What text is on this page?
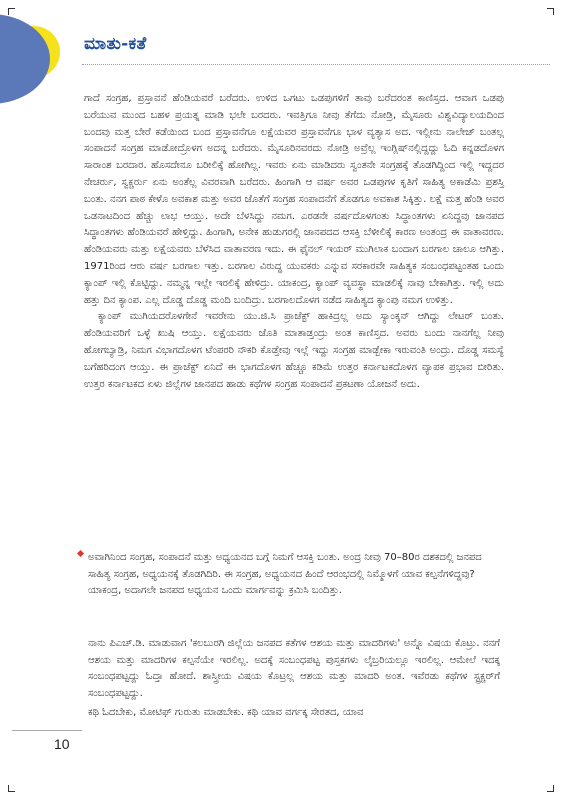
ಮಾತು-ಕತೆ

ಗಾದೆ ಸಂಗ್ರಹ, ಪ್ರಸ್ತಾವನೆ ಹೆಂಡಿಯವರೆ ಬರೆದರು. ಉಳಿದ ಒಗಟು ಒಡಪುಗಳಿಗೆ ತಾವು ಬರೆದರಂತ ಕಾಣಿಸ್ತದ. ಆವಾಗ ಒಡಪು ಬರೆಯುವ ಮುಂದ ಬಹಳ ಪ್ರಯತ್ನ ಮಾಡಿ ಭಲೇ ಬರದರು. ಇವತ್ತಿಗೂ ನೀವು ತೆಗೆದು ನೋಡ್ರಿ, ಮೈಸೂರು ವಿಶ್ವವಿದ್ಯಾಲಯದಿಂದ ಬಂದವು ಮತ್ತ ಬೇರೆ ಕಡೆಯಿಂದ ಬಂದ ಪ್ರಸ್ತಾವನೆಗೂ ಲಕ್ಷೆಯವರ ಪ್ರಸ್ತಾವನೆಗೂ ಭಾಳ ವ್ಯತ್ಯಾಸ ಅದ. ಇಲ್ಲೀನು ನಾಲೇಜ್ ಬಂತಲ್ಲ ಸಂಪಾದನೆ ಸಂಗ್ರಹ ಮಾಡೋದ್ರೊಳಗ ಅದನ್ನ ಬರೆದರು. ಮೈಸೂರಿನವರದು ನೋಡ್ರಿ ಅವ್ರೆಲ್ಲ ಇಂಗ್ಲಿಷ್‌ನಲ್ಲಿದ್ದದ್ದು ಓದಿ ಕನ್ನಡದೊಳಗ ಸಾರಾಂಶ ಬರದಾರ. ಹೊಸದೇನೂ ಬರೀಲಿಕ್ಕೆ ಹೋಗಿಲ್ಲ. ಇವರು ಏನು ಮಾಡಿದರು ಸ್ವಂತನೇ ಸಂಗ್ರಹಕ್ಕೆ ತೊಡಗಿದ್ದಿಂದ ಇಲ್ಲಿ ಇದ್ದದರ ನೇಚರ್ರು, ಸ್ವಕ್ಚರ್ರು ಏನು ಅಂತೆಲ್ಲ ವಿವರವಾಗಿ ಬರೆದರು. ಹಿಂಗಾಗಿ ಆ ವರ್ಷ ಅವರ ಒಡಪುಗಳ ಕೃತಿಗೆ ಸಾಹಿತ್ಯ ಅಕಾಡೆಮಿ ಪ್ರಶಸ್ತಿ ಬಂತು. ನನಗ ಪಾಠ ಕೇಳೊ ಅವಕಾಶ ಮತ್ತು ಅವರ ಜೊತೆಗೆ ಸಂಗ್ರಹ ಸಂಪಾದನೆಗೆ ತೊಡಗೂ ಅವಕಾಶ ಸಿಕ್ಕಿತ್ತು. ಲಕ್ಷೆ ಮತ್ತ ಹೆಂಡಿ ಅವರ ಒಡನಾಟದಿಂದ ಹೆಚ್ಚು ಲಾಭ ಆಯ್ತು. ಅದೇ ಬೆಳಸಿದ್ದು ನಮಗ. ಎರಡನೇ ವರ್ಷದೊಳಗಂತು ಸಿದ್ಧಾಂತಗಳು ಏನಿದ್ದವು ಜಾನಪದ ಸಿದ್ಧಾಂತಗಳು ಹೆಂಡಿಯವರೆ ಹೇಳ್ತಿದ್ದು. ಹಿಂಗಾಗಿ, ಅನೇಕ ಹುಡುಗರಲ್ಲಿ ಜಾನಪದದ ಆಸಕ್ತಿ ಬೆಳೀಲಿಕ್ಕೆ ಕಾರಣ ಅಂತಂದ್ರ ಈ ವಾತಾವರಣ. ಹೆಂಡಿಯವರು ಮತ್ತು ಲಕ್ಷೆಯವರು ಬೆಳೆಸಿದ ವಾತಾವರಣ ಇದು. ಈ ಫೈನಲ್ ಇಯರ್ ಮುಗಿಲಾಕ ಬಂದಾಗ ಬರಗಾಲ ಚಾಲೂ ಆಗಿತ್ತು. 1971ರಿಂದ ಆರು ವರ್ಷ ಬರಗಾಲ ಇತ್ತು. ಬರಗಾಲ ವಿರುದ್ಧ ಯುವಕರು ಎನ್ನುವ ಸರಕಾರವೇ ಸಾಹಿತ್ಯಕ ಸಂಬಂಧಪಟ್ಟಂತಹ ಒಂದು ಕ್ಯಾಂಪ್ ಇಲ್ಲಿ ಕೊಟ್ಟಿದ್ದು. ನಮ್ಮನ್ನ ಇಲ್ಲೇ ಇರಲಿಕ್ಕೆ ಹೇಳಿದ್ರು. ಯಾಕಂದ್ರ, ಕ್ಯಾಂಪ್ ವ್ಯವಸ್ಥಾ ಮಾಡಲಿಕ್ಕೆ ನಾವು ಬೇಕಾಗಿತ್ತು. ಇಲ್ಲಿ ಅದು ಹತ್ತು ದಿನ ಕ್ಯಾಂಪ. ಎಲ್ಲ ದೊಡ್ಡ ದೊಡ್ಡ ಮಂದಿ ಬಂದಿದ್ರು. ಬರಗಾಲದೊಳಗ ನಡೆದ ಸಾಹಿತ್ಯದ ಕ್ಯಾಂಪು ನಮಗ ಉಳಿತ್ತು.

ಕ್ಯಾಂಪ್ ಮುಗಿಯದರೊಳಗೇನೆ ಇವರೇನು ಯು.ಜಿ.ಸಿ ಪ್ರಾಜೆಕ್ಟ್ ಹಾಕಿದ್ರಲ್ಲ ಅದು ಸ್ಯಾಂಕ್ಶನ್ ಆಗಿದ್ದು ಲೇಟರ್ ಬಂತು. ಹೆಂಡಿಯವರಿಗೆ ಒಳ್ಳೆ ಖುಷಿ ಆಯ್ತು. ಲಕ್ಷೆಯವರು ಜೊತಿ ಮಾತಾಡ್ತಂದ್ರು ಅಂತ ಕಾಣಿಸ್ತದ. ಅವರು ಬಂದು ನಾನಗೆಲ್ಲ ನೀವು ಹೋಗಬ್ಯಾಡ್ರಿ, ನಿಮಗ ವಿಭಾಗದೊಳಗ ಟೆಂಪರರಿ ನೌಕರಿ ಕೊಡ್ತೇವು ಇಲ್ಲೆ ಇದ್ದು ಸಂಗ್ರಹ ಮಾಡ್ಬೇಕಾ ಇರುವಂತಿ ಅಂದ್ರು. ದೊಡ್ಡ ಸಮಸ್ಯೆ ಬಗೆಹರಿದಂಗ ಆಯ್ತು. ಈ ಪ್ರಾಜೆಕ್ಟ್ ಏನಿದೆ ಈ ಭಾಗದೊಳಗ ಹೆಚ್ಚೂ ಕಡಿಮೆ ಉತ್ತರ ಕರ್ನಾಟಕದೊಳಗ ವ್ಯಾಪಕ ಪ್ರಭಾವ ಬೀರಿತು. ಉತ್ತರ ಕರ್ನಾಟಕದ ಏಳು ಜಿಲ್ಲೆಗಳ ಜಾನಪದ ಹಾಡು ಕಥೆಗಳ ಸಂಗ್ರಹ ಸಂಪಾದನೆ ಪ್ರಕಟಣಾ ಯೋಜನೆ ಅದು.

ಅವಾಗಿನಿಂದ ಸಂಗ್ರಹ, ಸಂಪಾದನೆ ಮತ್ತು ಅಧ್ಯಯನದ ಬಗ್ಗೆ ನಿಮಗೆ ಆಸಕ್ತಿ ಬಂತು. ಅಂದ್ರ ನೀವು 70–80ರ ದಶಕದಲ್ಲಿ ಜನಪದ ಸಾಹಿತ್ಯ ಸಂಗ್ರಹ, ಅಧ್ಯಯನಕ್ಕೆ ತೊಡಗಿದಿರಿ. ಈ ಸಂಗ್ರಹ, ಅಧ್ಯಯನದ ಹಿಂದೆ ಆರಂಭದಲ್ಲಿ ನಿಮ್ಮೊಳಗೆ ಯಾವ ಕಲ್ಪನೆಗಳಿದ್ದವು? ಯಾಕಂದ್ರ, ಅದಾಗಲೇ ಜನಪದ ಅಧ್ಯಯನ ಒಂದು ಮಾರ್ಗವನ್ನು ಕ್ರಮಿಸಿ ಬಂದಿತ್ತು.

ನಾನು ಪಿಎಚ್.ಡಿ. ಮಾಡುವಾಗ 'ಕಲಬುರಗಿ ಜಿಲ್ಲೆಯ ಜನಪದ ಕತೆಗಳ ಆಶಯ ಮತ್ತು ಮಾದರಿಗಳು' ಅನ್ನೊ ವಿಷಯ ಕೊಟ್ರು. ನನಗೆ ಆಶಯ ಮತ್ತು ಮಾದರಿಗಳ ಕಲ್ಪನೆಯೇ ಇರಲಿಲ್ಲ. ಅದಕ್ಕೆ ಸಂಬಂಧಪಟ್ಟ ಪುಸ್ತಕಗಳು ಲೈಬ್ರರಿಯಲ್ಲೂ ಇರಲಿಲ್ಲ. ಆಮೇಲೆ ಇದಕ್ಕ ಸಂಬಂಧಪಟ್ಟದ್ದು ಓದ್ತಾ ಹೋದೆ. ಶಾಸ್ತ್ರೀಯ ವಿಷಯ ಕೊಟ್ರಲ್ಲ ಆಶಯ ಮತ್ತು ಮಾದರಿ ಅಂತ. ಇವೆರಡು ಕಥೆಗಳ ಸ್ಟ್ರಕ್ಚರ್‌ಗೆ ಸಂಬಂಧಪಟ್ಟದ್ದು.

ಕಥಿ ಓದಬೇಕು, ಮೋಟಿಫ್ ಗುರುತು ಮಾಡಬೇಕು. ಕಥಿ ಯಾವ ವರ್ಗಕ್ಕ ಸೇರತದ, ಯಾವ

10
